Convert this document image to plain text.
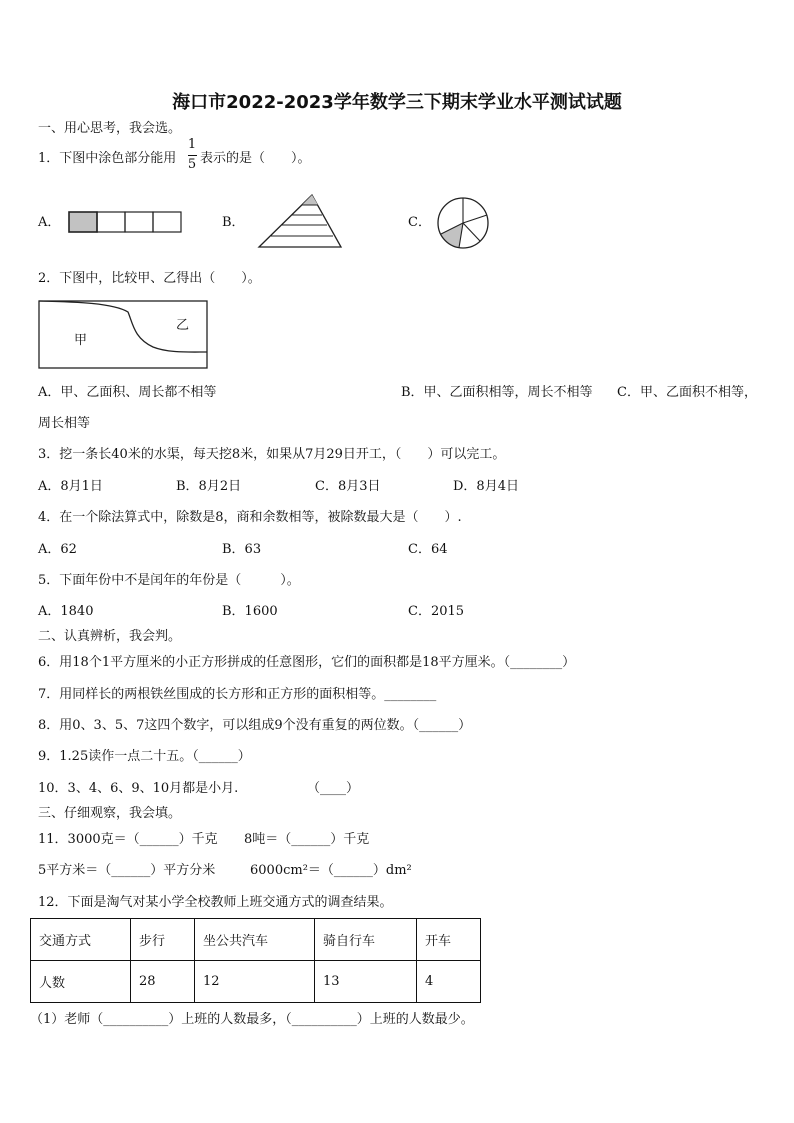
海口市2022-2023学年数学三下期末学业水平测试试题
一、用心思考，我会选。
1．下图中涂色部分能用
1
5 表示的是（　　）。
A．	B．	C．
2．下图中，比较甲、乙得出（　　）。
甲
乙
A．甲、乙面积、周长都不相等	B．甲、乙面积相等，周长不相等 C．甲、乙面积不相等，
周长相等
3．挖一条长40米的水渠，每天挖8米，如果从7月29日开工，（　　）可以完工。
A．8月1日	B．8月2日	C．8月3日	D．8月4日
4．在一个除法算式中，除数是8，商和余数相等，被除数最大是（　　）.
A．62	B．63	C．64
5．下面年份中不是闰年的年份是（　　　）。
A．1840	B．1600	C．2015
二、认真辨析，我会判。
6．用18个1平方厘米的小正方形拼成的任意图形，它们的面积都是18平方厘米。（________）
7．用同样长的两根铁丝围成的长方形和正方形的面积相等。________
8．用0、3、5、7这四个数字，可以组成9个没有重复的两位数。（______）
9．1.25读作一点二十五。（______）
10．3、4、6、9、10月都是小月.	（____）
三、仔细观察，我会填。
11．3000克＝（______）千克 8吨＝（______）千克
5平方米＝（______）平方分米	6000cm²＝（______）dm²
12．下面是淘气对某小学全校教师上班交通方式的调查结果。
交通方式	步行	坐公共汽车	骑自行车	开车
人数	28	12	13	4
（1）老师（__________）上班的人数最多，（__________）上班的人数最少。
